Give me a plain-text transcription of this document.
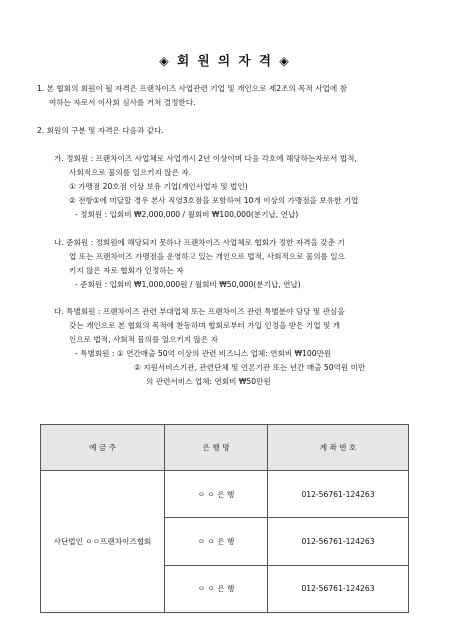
◈ 회 원 의 자 격 ◈
1. 본 협회의 회원이 될 자격은 프랜차이즈 사업관련 기업 및 개인으로 제2조의 목적 사업에 참
여하는 자로서 이사회 심사를 거쳐 결정한다.
2. 회원의 구분 및 자격은 다음과 같다.
가. 정회원 : 프랜차이즈 사업체로 사업개시 2년 이상이며 다음 각호에 해당하는자로서 법적,
사회적으로 물의를 일으키지 않은 자.
① 가맹점 20호점 이상 보유 기업(개인사업자 및 법인)
② 전항①에 미달할 경우 본사 직영3호점을 포함하여 10개 이상의 가맹점을 보유한 기업
- 정회원 : 입회비 ₩2,000,000 / 월회비 ₩100,000(분기납, 연납)
나. 준회원 : 정회원에 해당되지 못하나 프랜차이즈 사업체로 협회가 정한 자격을 갖춘 기
업 또는 프랜차이즈 가맹점을 운영하고 있는 개인으로 법적, 사회적으로 물의를 일으
키지 않은 자로 협회가 인정하는 자
- 준회원 : 입회비 ₩1,000,000원 / 월회비 ₩50,000(분기납, 연납)
다. 특별회원 : 프랜차이즈 관련 부대업체 또는 프랜차이즈 관련 특별분야 담당 및 관심을
갖는 개인으로 본 협회의 목적에 찬동하며 협회로부터 가입 인정을 받은 기업 및 개
인으로 법적, 사회적 물의를 일으키지 않은 자
- 특별회원 : ① 연간매출 50억 이상의 관련 비즈니스 업체: 연회비 ₩100만원
② 지원서비스기관, 관련단체 및 언론기관 또는 년간 매출 50억원 미만
의 관련서비스 업체: 연회비 ₩50만원
예 금 주	은 행 명	계 좌 번 호
사단법인 ㅇㅇ프랜차이즈협회	ㅇ ㅇ 은 행	012-56761-124263
	ㅇ ㅇ 은 행	012-56761-124263
	ㅇ ㅇ 은 행	012-56761-124263
